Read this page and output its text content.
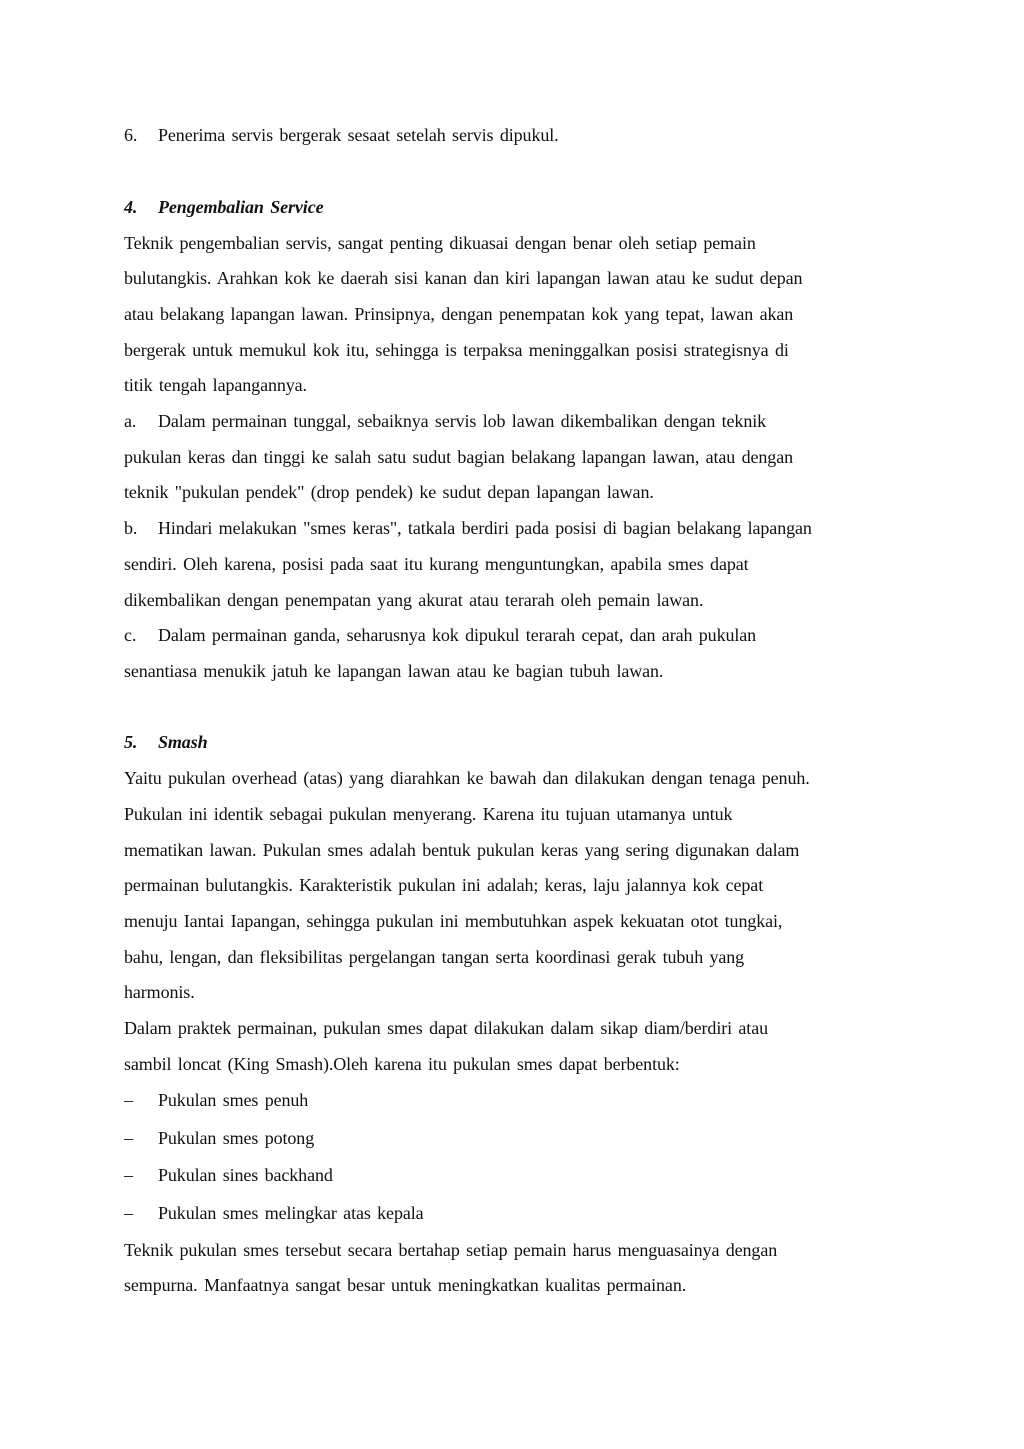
6. Penerima servis bergerak sesaat setelah servis dipukul.
4. Pengembalian Service
Teknik pengembalian servis, sangat penting dikuasai dengan benar oleh setiap pemain
bulutangkis. Arahkan kok ke daerah sisi kanan dan kiri lapangan lawan atau ke sudut depan
atau belakang lapangan lawan. Prinsipnya, dengan penempatan kok yang tepat, lawan akan
bergerak untuk memukul kok itu, sehingga is terpaksa meninggalkan posisi strategisnya di
titik tengah lapangannya.
a. Dalam permainan tunggal, sebaiknya servis lob lawan dikembalikan dengan teknik
pukulan keras dan tinggi ke salah satu sudut bagian belakang lapangan lawan, atau dengan
teknik "pukulan pendek" (drop pendek) ke sudut depan lapangan lawan.
b. Hindari melakukan "smes keras", tatkala berdiri pada posisi di bagian belakang lapangan
sendiri. Oleh karena, posisi pada saat itu kurang menguntungkan, apabila smes dapat
dikembalikan dengan penempatan yang akurat atau terarah oleh pemain lawan.
c. Dalam permainan ganda, seharusnya kok dipukul terarah cepat, dan arah pukulan
senantiasa menukik jatuh ke lapangan lawan atau ke bagian tubuh lawan.
5. Smash
Yaitu pukulan overhead (atas) yang diarahkan ke bawah dan dilakukan dengan tenaga penuh.
Pukulan ini identik sebagai pukulan menyerang. Karena itu tujuan utamanya untuk
mematikan lawan. Pukulan smes adalah bentuk pukulan keras yang sering digunakan dalam
permainan bulutangkis. Karakteristik pukulan ini adalah; keras, laju jalannya kok cepat
menuju Iantai Iapangan, sehingga pukulan ini membutuhkan aspek kekuatan otot tungkai,
bahu, lengan, dan fleksibilitas pergelangan tangan serta koordinasi gerak tubuh yang
harmonis.
Dalam praktek permainan, pukulan smes dapat dilakukan dalam sikap diam/berdiri atau
sambil loncat (King Smash).Oleh karena itu pukulan smes dapat berbentuk:
– Pukulan smes penuh
– Pukulan smes potong
– Pukulan sines backhand
– Pukulan smes melingkar atas kepala
Teknik pukulan smes tersebut secara bertahap setiap pemain harus menguasainya dengan
sempurna. Manfaatnya sangat besar untuk meningkatkan kualitas permainan.
